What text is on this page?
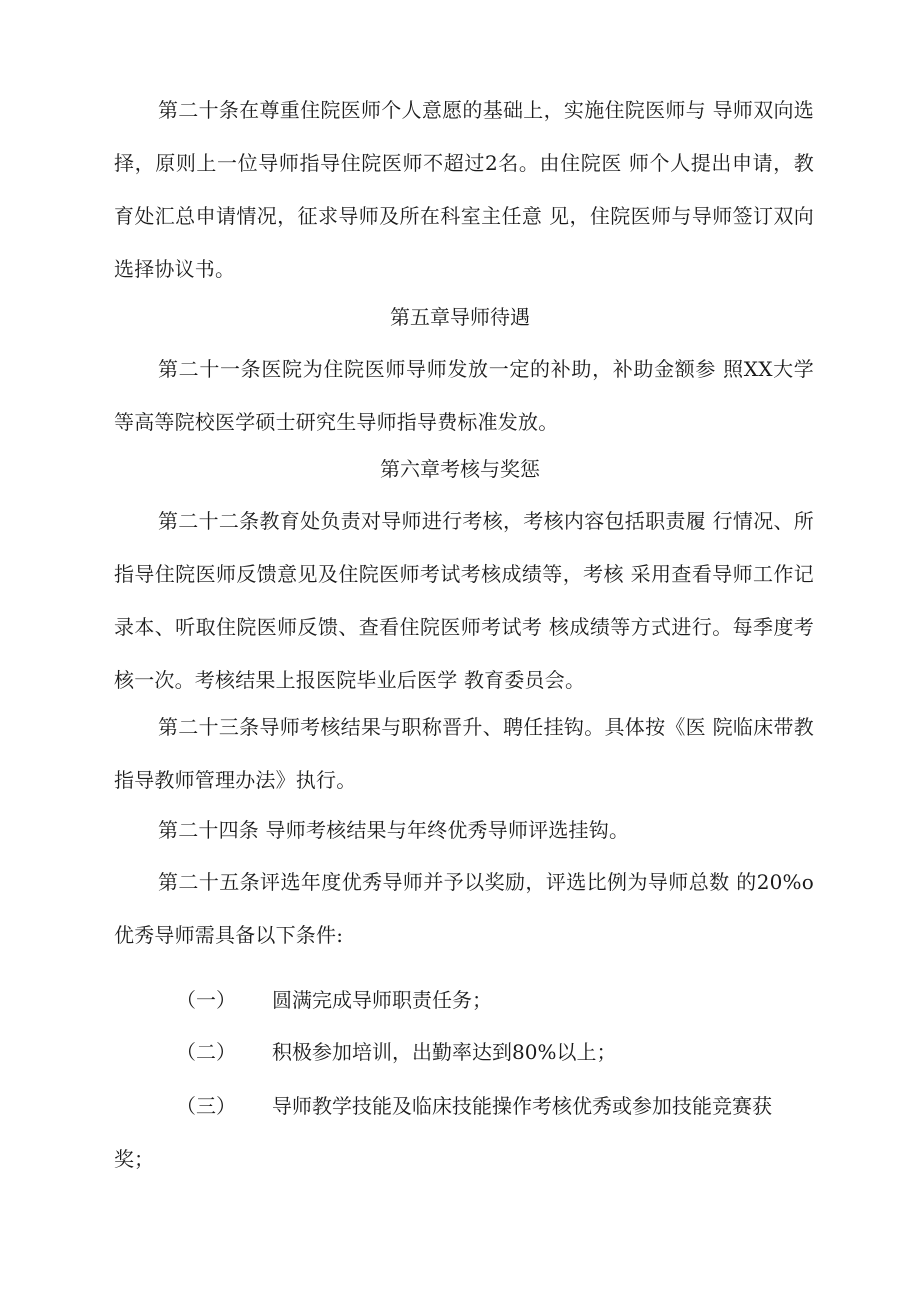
第二十条在尊重住院医师个人意愿的基础上，实施住院医师与 导师双向选择，原则上一位导师指导住院医师不超过2名。由住院医 师个人提出申请，教育处汇总申请情况，征求导师及所在科室主任意 见，住院医师与导师签订双向选择协议书。

第五章导师待遇

第二十一条医院为住院医师导师发放一定的补助，补助金额参 照XX大学等高等院校医学硕士研究生导师指导费标准发放。

第六章考核与奖惩

第二十二条教育处负责对导师进行考核，考核内容包括职责履 行情况、所指导住院医师反馈意见及住院医师考试考核成绩等，考核 采用查看导师工作记录本、听取住院医师反馈、查看住院医师考试考 核成绩等方式进行。每季度考核一次。考核结果上报医院毕业后医学 教育委员会。

第二十三条导师考核结果与职称晋升、聘任挂钩。具体按《医 院临床带教指导教师管理办法》执行。

第二十四条 导师考核结果与年终优秀导师评选挂钩。

第二十五条评选年度优秀导师并予以奖励，评选比例为导师总数 的20%o优秀导师需具备以下条件:

（一） 圆满完成导师职责任务；

（二） 积极参加培训，出勤率达到80%以上；

（三） 导师教学技能及临床技能操作考核优秀或参加技能竞赛获

奖；
